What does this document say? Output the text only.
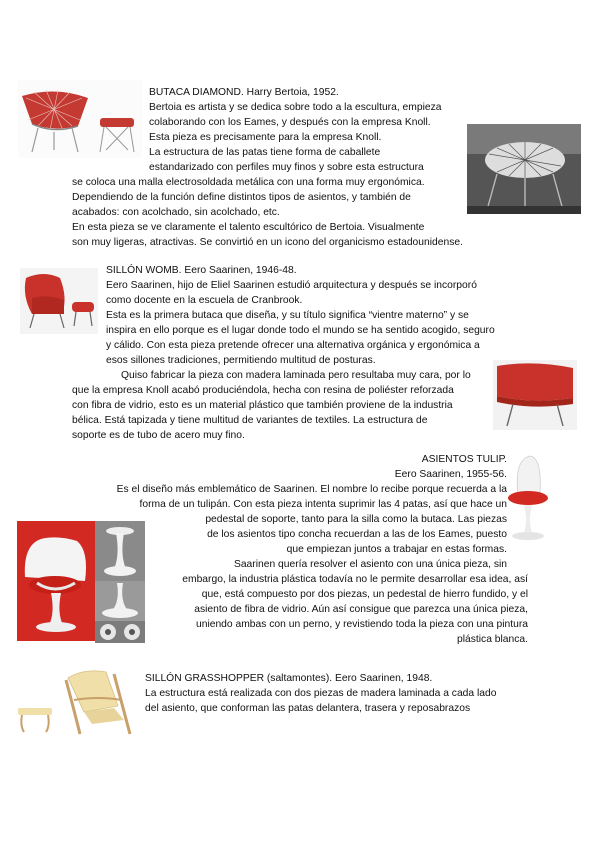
BUTACA DIAMOND. Harry Bertoia, 1952.
Bertoia es artista y se dedica sobre todo a la escultura, empieza
colaborando con los Eames, y después con la empresa Knoll.
Esta pieza es precisamente para la empresa Knoll.
La estructura de las patas tiene forma de caballete
estandarizado con perfiles muy finos y sobre esta estructura
se coloca una malla electrosoldada metálica con una forma muy ergonómica.
Dependiendo de la función define distintos tipos de asientos, y también de
acabados: con acolchado, sin acolchado, etc.
En esta pieza se ve claramente el talento escultórico de Bertoia. Visualmente
son muy ligeras, atractivas. Se convirtió en un icono del organicismo estadounidense.
SILLÓN WOMB. Eero Saarinen, 1946-48.
Eero Saarinen, hijo de Eliel Saarinen estudió arquitectura y después se incorporó
como docente en la escuela de Cranbrook.
Esta es la primera butaca que diseña, y su título significa “vientre materno” y se
inspira en ello porque es el lugar donde todo el mundo se ha sentido acogido, seguro
y cálido. Con esta pieza pretende ofrecer una alternativa orgánica y ergonómica a
esos sillones tradiciones, permitiendo multitud de posturas.
Quiso fabricar la pieza con madera laminada pero resultaba muy cara, por lo
que la empresa Knoll acabó produciéndola, hecha con resina de poliéster reforzada
con fibra de vidrio, esto es un material plástico que también proviene de la industria
bélica. Está tapizada y tiene multitud de variantes de textiles. La estructura de
soporte es de tubo de acero muy fino.
ASIENTOS TULIP.
Eero Saarinen, 1955-56.
Es el diseño más emblemático de Saarinen. El nombre lo recibe porque recuerda a la
forma de un tulipán. Con esta pieza intenta suprimir las 4 patas, así que hace un
pedestal de soporte, tanto para la silla como la butaca. Las piezas
de los asientos tipo concha recuerdan a las de los Eames, puesto
que empiezan juntos a trabajar en estas formas.
Saarinen quería resolver el asiento con una única pieza, sin
embargo, la industria plástica todavía no le permite desarrollar esa idea, así
que, está compuesto por dos piezas, un pedestal de hierro fundido, y el
asiento de fibra de vidrio. Aún así consigue que parezca una única pieza,
uniendo ambas con un perno, y revistiendo toda la pieza con una pintura
plástica blanca.
SILLÓN GRASSHOPPER (saltamontes). Eero Saarinen, 1948.
La estructura está realizada con dos piezas de madera laminada a cada lado
del asiento, que conforman las patas delantera, trasera y reposabrazos
